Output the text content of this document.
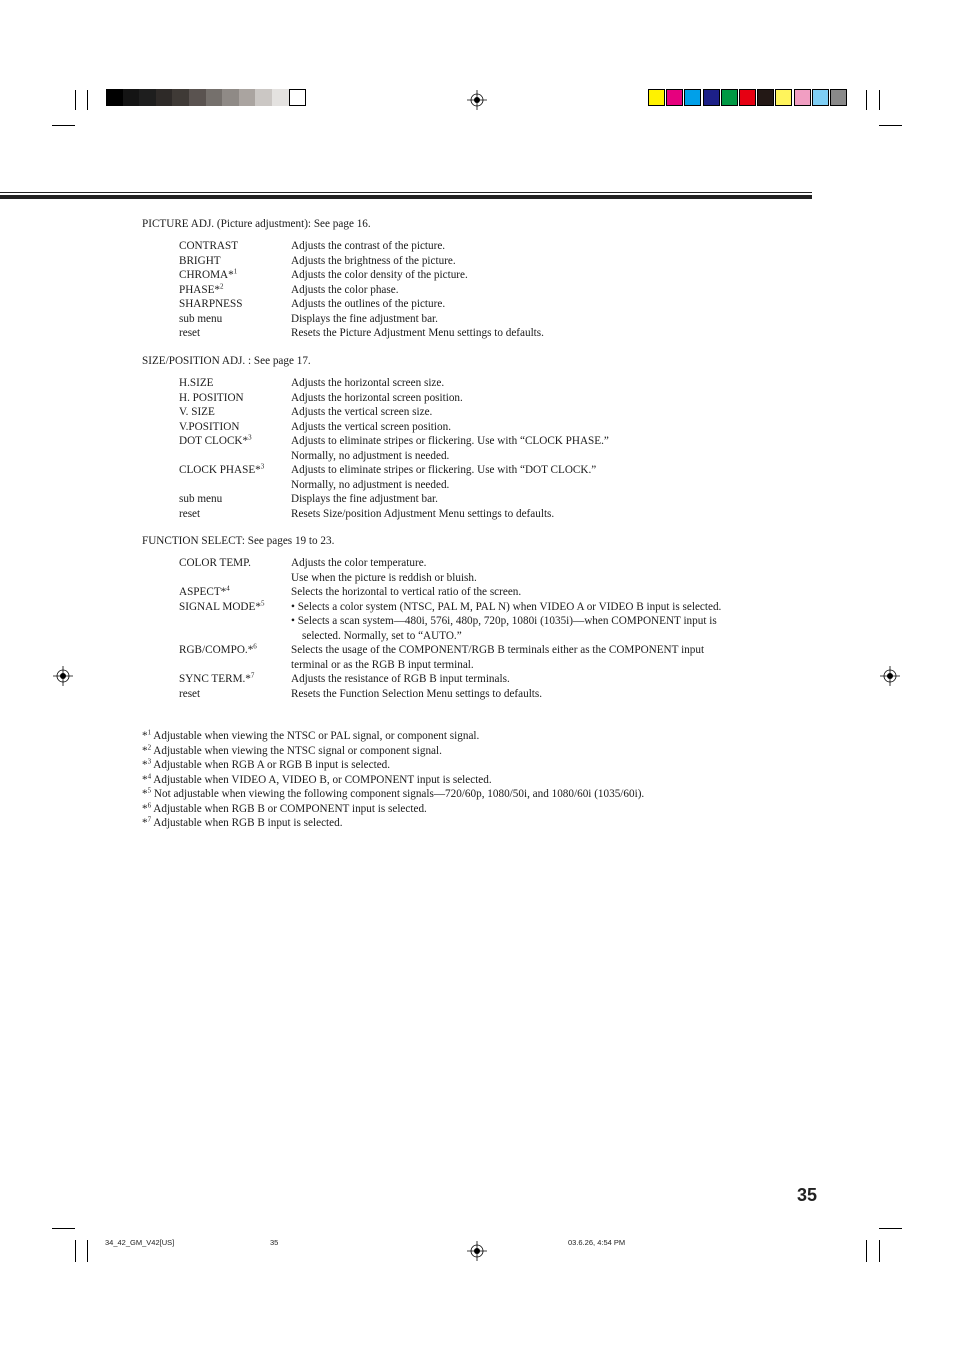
PICTURE ADJ. (Picture adjustment): See page 16.
CONTRAST	Adjusts the contrast of the picture.
BRIGHT	Adjusts the brightness of the picture.
CHROMA*$^1$	Adjusts the color density of the picture.
PHASE*$^2$	Adjusts the color phase.
SHARPNESS	Adjusts the outlines of the picture.
sub menu	Displays the fine adjustment bar.
reset	Resets the Picture Adjustment Menu settings to defaults.
SIZE/POSITION ADJ. : See page 17.
H.SIZE	Adjusts the horizontal screen size.
H. POSITION	Adjusts the horizontal screen position.
V. SIZE	Adjusts the vertical screen size.
V.POSITION	Adjusts the vertical screen position.
DOT CLOCK*$^3$	Adjusts to eliminate stripes or flickering. Use with “CLOCK PHASE.”
Normally, no adjustment is needed.
CLOCK PHASE*$^3$ Adjusts to eliminate stripes or flickering. Use with “DOT CLOCK.”
Normally, no adjustment is needed.
sub menu	Displays the fine adjustment bar.
reset	Resets Size/position Adjustment Menu settings to defaults.
FUNCTION SELECT: See pages 19 to 23.
COLOR TEMP.	Adjusts the color temperature.
Use when the picture is reddish or bluish.
ASPECT*$^4$	Selects the horizontal to vertical ratio of the screen.
SIGNAL MODE*$^5$ • Selects a color system (NTSC, PAL M, PAL N) when VIDEO A or VIDEO B input is selected.
• Selects a scan system—480i, 576i, 480p, 720p, 1080i (1035i)—when COMPONENT input is
selected. Normally, set to “AUTO.”
RGB/COMPO.*$^6$	Selects the usage of the COMPONENT/RGB B terminals either as the COMPONENT input
terminal or as the RGB B input terminal.
SYNC TERM.*$^7$	Adjusts the resistance of RGB B input terminals.
reset	Resets the Function Selection Menu settings to defaults.
*$^1$ Adjustable when viewing the NTSC or PAL signal, or component signal.
*$^2$ Adjustable when viewing the NTSC signal or component signal.
*$^3$ Adjustable when RGB A or RGB B input is selected.
*$^4$ Adjustable when VIDEO A, VIDEO B, or COMPONENT input is selected.
*$^5$ Not adjustable when viewing the following component signals—720/60p, 1080/50i, and 1080/60i (1035/60i).
*$^6$ Adjustable when RGB B or COMPONENT input is selected.
*$^7$ Adjustable when RGB B input is selected.
35
34_42_GM_V42[US]	35	03.6.26, 4:54 PM
